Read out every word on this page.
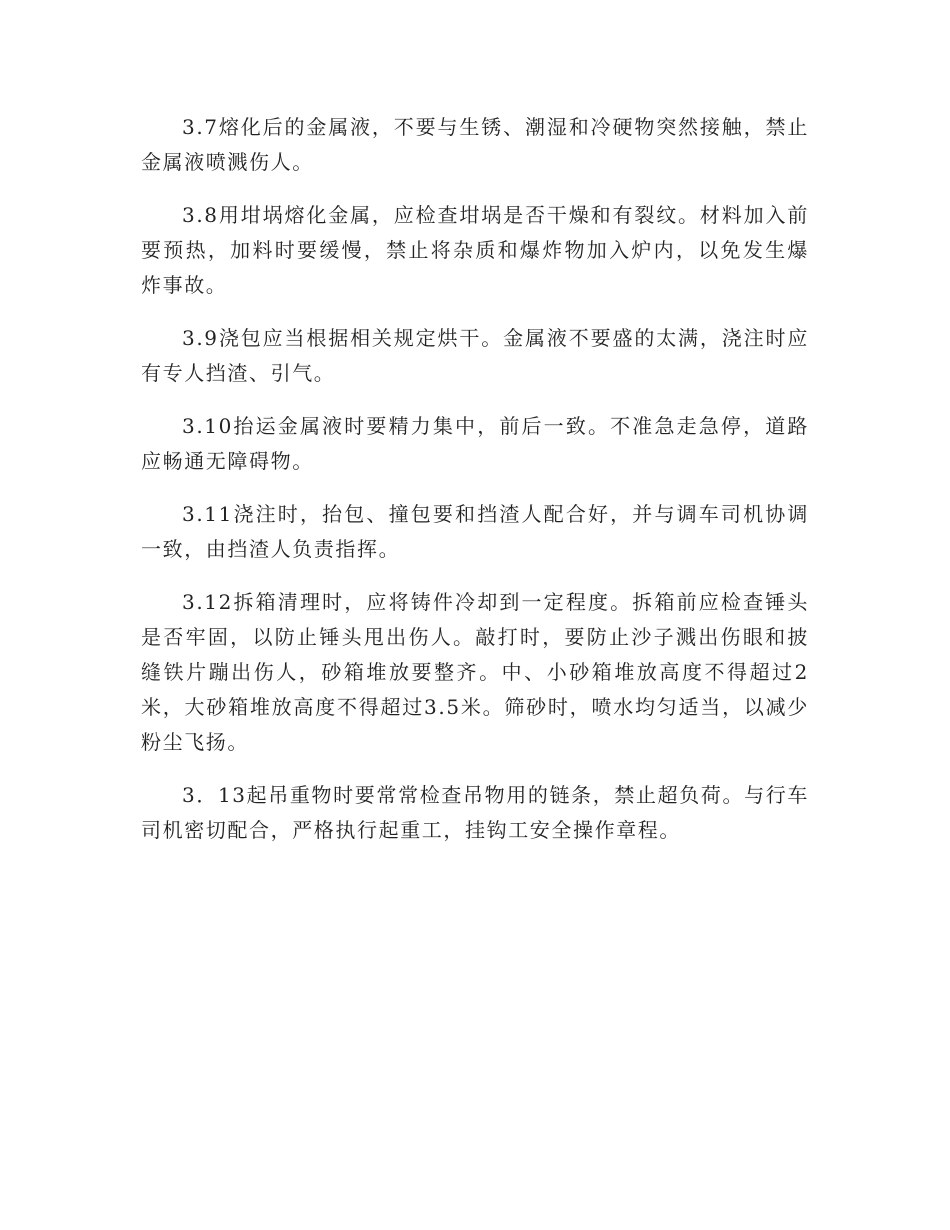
3.7熔化后的金属液，不要与生锈、潮湿和冷硬物突然接触，禁止金属液喷溅伤人。

3.8用坩埚熔化金属，应检查坩埚是否干燥和有裂纹。材料加入前要预热，加料时要缓慢，禁止将杂质和爆炸物加入炉内，以免发生爆炸事故。

3.9浇包应当根据相关规定烘干。金属液不要盛的太满，浇注时应有专人挡渣、引气。

3.10抬运金属液时要精力集中，前后一致。不准急走急停，道路应畅通无障碍物。

3.11浇注时，抬包、撞包要和挡渣人配合好，并与调车司机协调一致，由挡渣人负责指挥。

3.12拆箱清理时，应将铸件冷却到一定程度。拆箱前应检查锤头是否牢固，以防止锤头甩出伤人。敲打时，要防止沙子溅出伤眼和披缝铁片蹦出伤人，砂箱堆放要整齐。中、小砂箱堆放高度不得超过2米，大砂箱堆放高度不得超过3.5米。筛砂时，喷水均匀适当，以减少粉尘飞扬。

3．13起吊重物时要常常检查吊物用的链条，禁止超负荷。与行车司机密切配合，严格执行起重工，挂钩工安全操作章程。
